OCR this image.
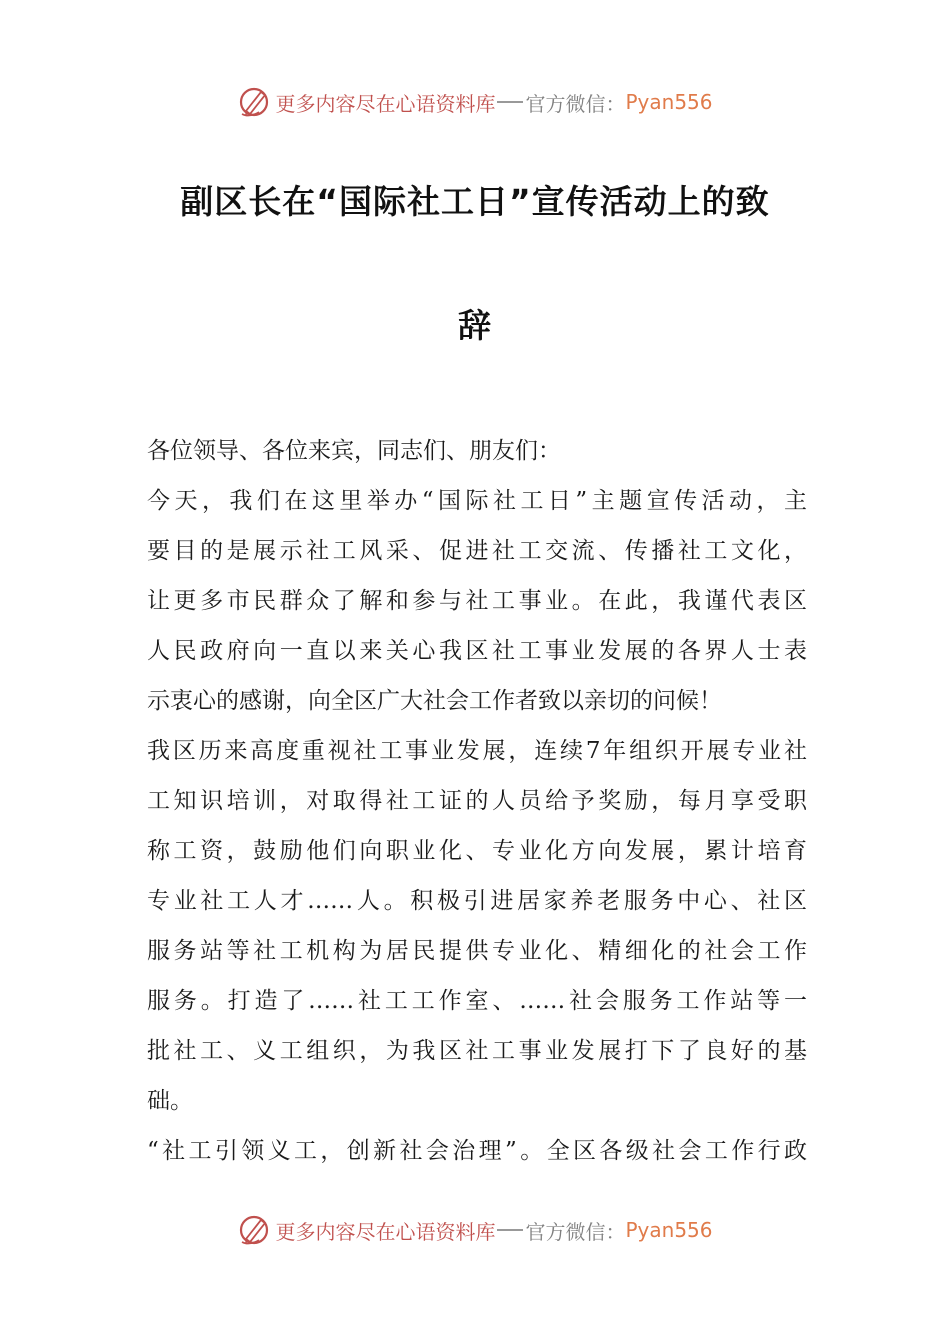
更多内容尽在心语资料库 官方微信： Pyan556
副区长在“国际社工日”宣传活动上的致
辞
各位领导、各位来宾，同志们、朋友们：
今天，我们在这里举办“国际社工日”主题宣传活动，主
要目的是展示社工风采、促进社工交流、传播社工文化，
让更多市民群众了解和参与社工事业。在此，我谨代表区
人民政府向一直以来关心我区社工事业发展的各界人士表
示衷心的感谢，向全区广大社会工作者致以亲切的问候！
我区历来高度重视社工事业发展，连续7年组织开展专业社
工知识培训，对取得社工证的人员给予奖励，每月享受职
称工资，鼓励他们向职业化、专业化方向发展，累计培育
专业社工人才……人。积极引进居家养老服务中心、社区
服务站等社工机构为居民提供专业化、精细化的社会工作
服务。打造了……社工工作室、……社会服务工作站等一
批社工、义工组织，为我区社工事业发展打下了良好的基
础。
“社工引领义工，创新社会治理”。全区各级社会工作行政
更多内容尽在心语资料库 官方微信： Pyan556
